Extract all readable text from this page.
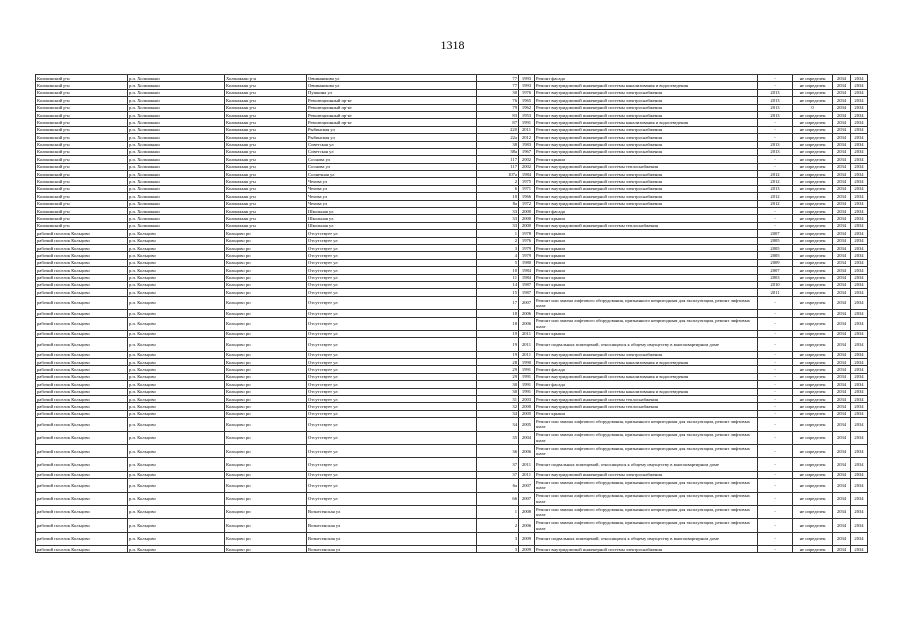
1318
Кольчикский р-н	р.п. Хольчакыш	Хольчакыш р-н	Овчинникова ул	77	1993	Ремонт фасада	-	не определен	2034	2034
Кольчикский р-н	р.п. Хольчакыш	Кольчакыш р-н	Овчинникова ул	77	1993	Ремонт внутридомовой инженерной системы канализования и водоотведения	-	не определен	2034	2034
Кольчикский р-н	р.п. Хольчакыш	Кольчакыш р-н	Пушкина ул	30	1976	Ремонт внутридомовой инженерной системы электроснабжения	2013	не определен	2034	2034
Кольчикский р-н	р.п. Хольчакыш	Кольчакыш р-н	Революционный пр-кт	76	1965	Ремонт внутридомовой инженерной системы электроснабжения	2013	не определен	2034	2034
Кольчикский р-н	р.п. Хольчакыш	Кольчакыш р-н	Революционный пр-кт	79	1962	Ремонт внутридомовой инженерной системы электроснабжения	2013	0	2034	2034
Кольчикский р-н	р.п. Хольчакыш	Кольчакыш р-н	Революционный пр-кт	83	1953	Ремонт внутридомовой инженерной системы электроснабжения	2013	не определен	2034	2034
Кольчикский р-н	р.п. Хольчакыш	Кольчакыш р-н	Революционный пр-кт	87	1991	Ремонт внутридомовой инженерной системы канализования и водоотведения	-	не определен	2034	2034
Кольчикский р-н	р.п. Хольчакыш	Кольчакыш р-н	Рыбинская ул	220	2011	Ремонт внутридомовой инженерной системы электроснабжения	-	не определен	2034	2034
Кольчикский р-н	р.п. Хольчакыш	Кольчакыш р-н	Рыбинская ул	22а	2012	Ремонт внутридомовой инженерной системы электроснабжения	-	не определен	2034	2034
Кольчикский р-н	р.п. Хольчакыш	Кольчакыш р-н	Советская ул	38	1983	Ремонт внутридомовой инженерной системы электроснабжения	2013	не определен	2034	2034
Кольчикский р-н	р.п. Хольчакыш	Кольчакыш р-н	Советская ул	38а	1967	Ремонт внутридомовой инженерной системы электроснабжения	2013	не определен	2034	2034
Кольчикский р-н	р.п. Хольчакыш	Кольчакыш р-н	Соснова ул	117	2002	Ремонт крыши	-	не определен	2034	2034
Кольчикский р-н	р.п. Хольчакыш	Кольчакыш р-н	Соснова ул	117	2002	Ремонт внутридомовой инженерной системы теплоснабжения	-	не определен	2034	2034
Кольчикский р-н	р.п. Хольчакыш	Кольчакыш р-н	Солнечная ул	107а	1984	Ремонт внутридомовой инженерной системы электроснабжения	2012	не определен	2034	2034
Кольчикский р-н	р.п. Хольчакыш	Кольчакыш р-н	Чехова ул	2	1975	Ремонт внутридомовой инженерной системы электроснабжения	2012	не определен	2034	2034
Кольчикский р-н	р.п. Хольчакыш	Кольчакыш р-н	Чехова ул	6	1971	Ремонт внутридомовой инженерной системы электроснабжения	2013	не определен	2034	2034
Кольчикский р-н	р.п. Хольчакыш	Кольчакыш р-н	Чехова ул	10	1966	Ремонт внутридомовой инженерной системы электроснабжения	2012	не определен	2034	2034
Кольчикский р-н	р.п. Хольчакыш	Кольчакыш р-н	Чехова ул	8а	1972	Ремонт внутридомовой инженерной системы электроснабжения	2012	не определен	2034	2034
Кольчикский р-н	р.п. Хольчакыш	Кольчакыш р-н	Школьная ул	33	2000	Ремонт фасада	-	не определен	2034	2034
Кольчикский р-н	р.п. Хольчакыш	Кольчакыш р-н	Школьная ул	33	2000	Ремонт крыши	-	не определен	2034	2034
Кольчикский р-н	р.п. Хольчакыш	Кольчакыш р-н	Школьная ул	33	2000	Ремонт внутридомовой инженерной системы теплоснабжения	-	не определен	2034	2034
рабочий поселок Кольцово	р.п. Кольцово	Кольцово рп	Отсутствует ул	1	1978	Ремонт крыши	2007	не определен	2034	2034
рабочий поселок Кольцово	р.п. Кольцово	Кольцово рп	Отсутствует ул	2	1976	Ремонт крыши	2005	не определен	2034	2034
рабочий поселок Кольцово	р.п. Кольцово	Кольцово рп	Отсутствует ул	3	1979	Ремонт крыши	2005	не определен	2034	2034
рабочий поселок Кольцово	р.п. Кольцово	Кольцово рп	Отсутствует ул	4	1979	Ремонт крыши	2005	не определен	2034	2034
рабочий поселок Кольцово	р.п. Кольцово	Кольцово рп	Отсутствует ул	5	1980	Ремонт крыши	2009	не определен	2034	2034
рабочий поселок Кольцово	р.п. Кольцово	Кольцово рп	Отсутствует ул	10	1984	Ремонт крыши	2007	не определен	2034	2034
рабочий поселок Кольцово	р.п. Кольцово	Кольцово рп	Отсутствует ул	11	1984	Ремонт крыши	2003	не определен	2034	2034
рабочий поселок Кольцово	р.п. Кольцово	Кольцово рп	Отсутствует ул	14	1987	Ремонт крыши	2010	не определен	2034	2034
рабочий поселок Кольцово	р.п. Кольцово	Кольцово рп	Отсутствует ул	15	1987	Ремонт крыши	2011	не определен	2034	2034
рабочий поселок Кольцово	р.п. Кольцово	Кольцово рп	Отсутствует ул	17	2007	Ремонт или замена лифтового оборудования, признанного непригодным для эксплуатации, ремонт лифтовых шахт	-	не определен	2034	2034
рабочий поселок Кольцово	р.п. Кольцово	Кольцово рп	Отсутствует ул	18	2006	Ремонт крыши	-	не определен	2034	2034
рабочий поселок Кольцово	р.п. Кольцово	Кольцово рп	Отсутствует ул	18	2006	Ремонт или замена лифтового оборудования, признанного непригодным для эксплуатации, ремонт лифтовых шахт	-	не определен	2034	2034
рабочий поселок Кольцово	р.п. Кольцово	Кольцово рп	Отсутствует ул	19	2011	Ремонт крыши	-	не определен	2034	2034
рабочий поселок Кольцово	р.п. Кольцово	Кольцово рп	Отсутствует ул	19	2011	Ремонт подвальных помещений, относящихся к общему имуществу в многоквартирном доме	-	не определен	2034	2034
рабочий поселок Кольцово	р.п. Кольцово	Кольцово рп	Отсутствует ул	19	2011	Ремонт внутридомовой инженерной системы электроснабжения	-	не определен	2034	2034
рабочий поселок Кольцово	р.п. Кольцово	Кольцово рп	Отсутствует ул	28	1990	Ремонт внутридомовой инженерной системы канализования и водоотведения	-	не определен	2034	2034
рабочий поселок Кольцово	р.п. Кольцово	Кольцово рп	Отсутствует ул	29	1991	Ремонт фасада	-	не определен	2034	2034
рабочий поселок Кольцово	р.п. Кольцово	Кольцово рп	Отсутствует ул	29	1991	Ремонт внутридомовой инженерной системы канализования и водоотведения	-	не определен	2034	2034
рабочий поселок Кольцово	р.п. Кольцово	Кольцово рп	Отсутствует ул	30	1991	Ремонт фасада	-	не определен	2034	2034
рабочий поселок Кольцово	р.п. Кольцово	Кольцово рп	Отсутствует ул	30	1991	Ремонт внутридомовой инженерной системы канализования и водоотведения	-	не определен	2034	2034
рабочий поселок Кольцово	р.п. Кольцово	Кольцово рп	Отсутствует ул	31	2003	Ремонт внутридомовой инженерной системы теплоснабжения	-	не определен	2034	2034
рабочий поселок Кольцово	р.п. Кольцово	Кольцово рп	Отсутствует ул	32	2000	Ремонт внутридомовой инженерной системы теплоснабжения	-	не определен	2034	2034
рабочий поселок Кольцово	р.п. Кольцово	Кольцово рп	Отсутствует ул	34	2005	Ремонт крыши	-	не определен	2034	2034
рабочий поселок Кольцово	р.п. Кольцово	Кольцово рп	Отсутствует ул	34	2005	Ремонт или замена лифтового оборудования, признанного непригодным для эксплуатации, ремонт лифтовых шахт	-	не определен	2034	2034
рабочий поселок Кольцово	р.п. Кольцово	Кольцово рп	Отсутствует ул	35	2004	Ремонт или замена лифтового оборудования, признанного непригодным для эксплуатации, ремонт лифтовых шахт	-	не определен	2034	2034
рабочий поселок Кольцово	р.п. Кольцово	Кольцово рп	Отсутствует ул	36	2006	Ремонт или замена лифтового оборудования, признанного непригодным для эксплуатации, ремонт лифтовых шахт	-	не определен	2034	2034
рабочий поселок Кольцово	р.п. Кольцово	Кольцово рп	Отсутствует ул	37	2011	Ремонт подвальных помещений, относящихся к общему имуществу в многоквартирном доме	-	не определен	2034	2034
рабочий поселок Кольцово	р.п. Кольцово	Кольцово рп	Отсутствует ул	37	2011	Ремонт внутридомовой инженерной системы электроснабжения	-	не определен	2034	2034
рабочий поселок Кольцово	р.п. Кольцово	Кольцово рп	Отсутствует ул	6а	2007	Ремонт или замена лифтового оборудования, признанного непригодным для эксплуатации, ремонт лифтовых шахт	-	не определен	2034	2034
рабочий поселок Кольцово	р.п. Кольцово	Кольцово рп	Отсутствует ул	66	2007	Ремонт или замена лифтового оборудования, признанного непригодным для эксплуатации, ремонт лифтовых шахт	-	не определен	2034	2034
рабочий поселок Кольцово	р.п. Кольцово	Кольцово рп	Вознесенская ул	1	2008	Ремонт или замена лифтового оборудования, признанного непригодным для эксплуатации, ремонт лифтовых шахт	-	не определен	2034	2034
рабочий поселок Кольцово	р.п. Кольцово	Кольцово рп	Вознесенская ул	2	2006	Ремонт или замена лифтового оборудования, признанного непригодным для эксплуатации, ремонт лифтовых шахт	-	не определен	2034	2034
рабочий поселок Кольцово	р.п. Кольцово	Кольцово рп	Вознесенская ул	3	2009	Ремонт подвальных помещений, относящихся к общему имуществу в многоквартирном доме	-	не определен	2034	2034
рабочий поселок Кольцово	р.п. Кольцово	Кольцово рп	Вознесенская ул	3	2009	Ремонт внутридомовой инженерной системы электроснабжения	-	не определен	2034	2034
